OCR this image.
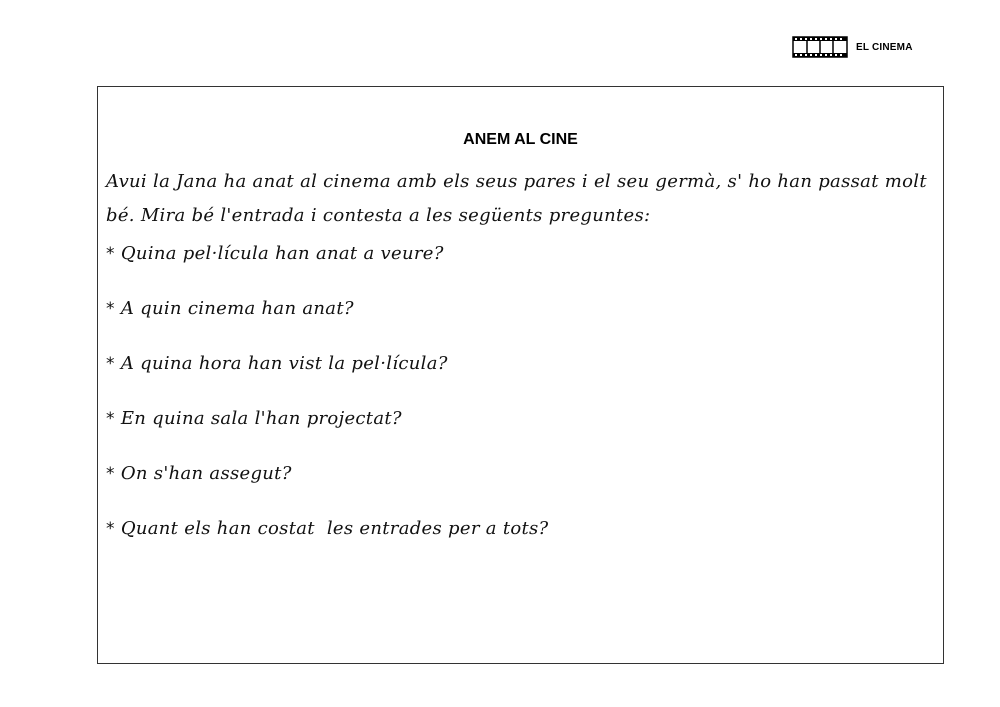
EL CINEMA
ANEM AL CINE
Avui la Jana ha anat al cinema amb els seus pares i el seu germà, s' ho han passat molt bé. Mira bé l'entrada i contesta a les següents preguntes:
* Quina pel·lícula han anat a veure?
* A quin cinema han anat?
* A quina hora han vist la pel·lícula?
* En quina sala l'han projectat?
* On s'han assegut?
* Quant els han costat  les entrades per a tots?
